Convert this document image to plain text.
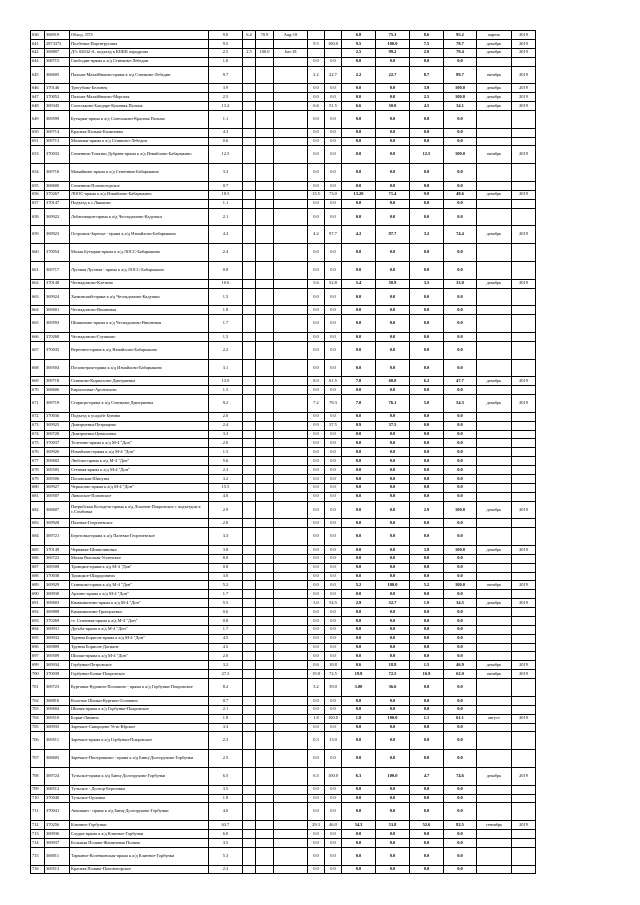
636	368919	Обход. ЛТЗ	9.0	6.4	70.9	Aug-18			6.8	75.3	8.6	95.2	апрель	2019
641	2873373	Полбенка-Паргитрупина	9.5				9.5	100.0	9.5	100.0	7.5	78.7	декабрь	2019
642	368807	Д?с 02632-А, подъезд к КШШ аэродрома	2.5	2.5	100.0	Jun-18			2.5	99.2	2.0	79.4	декабрь	2019
644	368715	Свободин-пряма к а/д Стинково-Лебедин	1.0				0.0	0.0	0.0	0.0	0.0	0.0		
645	368605	Пальма-Махайбиково-пряма к а/д Стинково-Лебедин	9.7				2.2	22.7	2.2	22.7	8.7	89.7	октябрь	2019
646	370146	Трегубово-Белинец	3.9				0.0	0.0	0.0	0.0	3.9	100.0	декабрь	2019
647	370052	Пальма-Махайбиково-Морская	2.5				0.0	0.0	0.0	0.0	2.5	100.0	декабрь	2019
648	369345	Сопельково-Бондаре-Кушевая Пальма	13.2				6.6	51.5	6.6	50.0	4.5	34.1	декабрь	2019
649	369599	Бутырки-пряма к а/д Сопельково-Красная Пальма	1.1				0.0	0.0	0.0	0.0	0.0	0.0		
650	369714	Красная Пальма-Калиновка	4.3				0.0	0.0	0.0	0.0	0.0	0.0		
651	369713	Малинки-пряма к а/д Стинково-Лебедин	0.6				0.0	0.0	0.0	0.0	0.0	0.0		
653	370033	Семенник-Топятки Дубрава-пряма к а/д Измайлово-Бабарыкино	12.5				0.0	0.0	0.0	0.0	12.5	100.0	октябрь	2019
654	369716	Мамайково-пряма к а/д Семенник-Бабарыкино	3.3				0.0	0.0	0.0	0.0	0.0	0.0		
655	368600	Семенник-Поповоторское	0.7				0.0	0.0	0.0	0.0	0.0	0.0		
656	370267	ЛООС-пряма к а/д Измайлово-Бабарыкино	18.5				13.5	73.0	13.20	71.4	9.0	48.6	декабрь	2019
657	370147	Подъезд к с.Ляшково	1.1				0.0	0.0	0.0	0.0	0.0	0.0		
658	369922	Лобановщин-пряма к а/д Чеснадомово-Кадушки	2.1				0.0	0.0	0.0	0.0	0.0	0.0		
659	369923	Острожок-Заречье - пряма к а/д Измайлово-Бабарыкино	4.3				4.2	97.7	4.2	97.7	3.2	74.4	декабрь	2019
660	370054	Малая Бутырки-пряма к а/д ЛОСС-Бабарыкино	2.4				0.0	0.0	0.0	0.0	0.0	0.0		
661	369717	Луговая Луговая - пряма к а/д ЛОСС-Бабарыкино	0.8				0.0	0.0	0.0	0.0	0.0	0.0		
662	370148	Чеснадомово-Клетино	10.6				5.6	52.8	5.4	50.9	3.5	33.0	декабрь	2019
663	369924	Химинский-пряма к а/д Чеснадомово-Кадушки	1.5				0.0	0.0	0.0	0.0	0.0	0.0		
664	369601	Чеснадомово-Вишневая	1.8				0.0	0.0	0.0	0.0	0.0	0.0		
665	369593	Шишиново-пряма к а/д Чеснадомово-Вишневая	1.7				0.0	0.0	0.0	0.0	0.0	0.0		
666	370268	Чеснадомово-Глушково	1.5				0.0	0.0	0.0	0.0	0.0	0.0		
667	370035	Веретино-пряма к а/д Измайлово-Бабарыкино	2.2				0.0	0.0	0.0	0.0	0.0	0.0		
668	369504	Поповотрия-пряма к а/д Измайлово-Бабарыкино	3.1				0.0	0.0	0.0	0.0	0.0	0.0		
669	369718	Стинково-Кириллово-Дмитриевка	13.0				8.0	61.5	7.8	60.0	6.2	47.7	декабрь	2019
670	368606	Кирилловка-Арсентьево	1.5				0.0	0.0	0.0	0.0	0.0	0.0		
671	369719	Старицы-пряма к а/д Стинково-Дмитриевка	9.2				7.2	78.3	7.0	76.1	5.0	54.3	декабрь	2019
672	370036	Подъезд к усадьбе Бунина	2.0				0.0	0.0	0.0	0.0	0.0	0.0		
673	369925	Дмитриевка-Петрищево	2.4				0.9	37.5	0.9	37.5	0.0	0.0		
674	369720	Дмитриевка-Цевашовка	3.3				0.0	0.0	0.0	0.0	0.0	0.0		
675	370037	Телегино-пряма к а/д М-4 "Дон"	2.0				0.0	0.0	0.0	0.0	0.0	0.0		
676	369926	Измайлово-пряма к а/д М-4 "Дон"	1.5				0.0	0.0	0.0	0.0	0.0	0.0		
677	369602	Любово-пряма к а/д М-4 "Дон"	5.6				0.0	0.0	0.0	0.0	0.0	0.0		
678	369505	Степная-пряма к а/д М-4 "Дон"	2.3				0.0	0.0	0.0	0.0	0.0	0.0		
679	369506	Поповская-Шипуны	3.2				0.0	0.0	0.0	0.0	0.0	0.0		
680	369927	Черкасово-пряма к а/д М-4 "Дон"	15.5				0.0	0.0	0.0	0.0	0.0	0.0		
681	369507	Лившское-Поповское	4.0				0.0	0.0	0.0	0.0	0.0	0.0		
682	368607	Патрибская Колодезь-пряма к а/д Лоханов-Покровское с подъездом к с.Сомбовка	2.9				0.0	0.0	0.0	0.0	2.9	100.0	декабрь	2019
683	369928	Палевка-Георгиевское	2.8				0.0	0.0	0.0	0.0	0.0	0.0		
684	369721	Березовка-пряма к а/д Палевка-Георгиевское	3.3				0.0	0.0	0.0	0.0	0.0	0.0		
685	370149	Чернявка-Шипилиновка	3.8				0.0	0.0	0.0	0.0	3.8	100.0	декабрь	2019
686	369722	Малая Высокая-Успенское	8.0				0.0	0.0	0.0	0.0	0.0	0.0		
687	369508	Троицкое-пряма к а/д М-4 "Дон"	0.8				0.0	0.0	0.0	0.0	0.0	0.0		
688	370038	Троицкое-Шидоровичи	3.0				0.0	0.0	0.0	0.0	0.0	0.0		
689	369929	Стинково-пряма к а/д М-4 "Дон"	5.2				0.0	0.0	5.2	100.0	5.2	100.0	октябрь	2019
690	369930	Архино-пряма к а/д М-4 "Дон"	1.7				0.0	0.0	0.0	0.0	0.0	0.0		
691	369603	Кимжавитино-пряма к а/д М-4 "Дон"	5.5				3.0	54.5	2.9	52.7	1.9	34.5	декабрь	2019
692	369808	Кимжавитино-Григорьевка	0.6				0.0	0.0	0.0	0.0	0.0	0.0		
693	370269	ст. Становая-пряма к а/д М-4 "Дон"	0.8				0.0	0.0	0.0	0.0	0.0	0.0		
694	369931	Дугьба-пряма к а/д М-4 "Дон"	1.7				0.0	0.0	0.0	0.0	0.0	0.0		
695	369932	Трунни Борисов-пряма к а/д М-4 "Дон"	4.5				0.0	0.0	0.0	0.0	0.0	0.0		
696	369809	Трунни Борисов-Дагмане	4.5				0.0	0.0	0.0	0.0	0.0	0.0		
697	369509	Шилки-пряма к а/д М-4 "Дон"	2.0				0.0	0.0	0.0	0.0	0.0	0.0		
699	369934	Горбунки-Петровское	3.2				0.6	18.8	0.6	18.8	1.5	46.9	декабрь	2019
700	370039	Горбунки-Бочки-Покровское	27.3				19.8	72.5	19.8	72.5	16.9	62.0	октябрь	2019
701	369723	Куртанка-Курпино-Половино - пряма к а/д Горбунки-Покровское	8.2				3.2	39.0	3.00	36.6	0.0	0.0		
702	368810	Колотые Шилки-Куртино-Головино	0.7				0.0	0.0	0.0	0.0	0.0	0.0		
703	369604	Шилия-пряма к а/д Горбунки-Покровское	2.1				0.0	0.0	0.0	0.0	0.0	0.0		
704	369510	Борки-Лимина	1.8				1.8	100.0	1.8	100.0	1.1	61.1	август	2019
705	369935	Заречкое-Скворцово-Усть-Юрское	3.3				0.0	0.0	0.0	0.0	0.0	0.0		
706	369511	Заречкое-пряма к а/д Горбунки-Покровское	2.3				0.3	13.0	0.0	0.0	0.0	0.0		
707	368605	Заречкое-Пиотровково - пряма к а/д Бинц-Долгоруково-Горбунки	2.5				0.0	0.0	0.0	0.0	0.0	0.0		
708	369724	Тульское-пряма к а/д Бинц-Долгоруково-Горбунки	6.5				6.5	100.0	6.3	100.0	4.7	74.6	декабрь	2019
709	368512	Тульское - Долгор-Березовка	3.5				0.0	0.0	0.0	0.0	0.0	0.0		
710	370040	Тульское-Орловка	1.8				0.0	0.0	0.0	0.0	0.0	0.0		
711	370041	Анашкин - пряма к а/д Бинц-Долгоруково-Горбунки	4.0				0.0	0.0	0.0	0.0	0.0	0.0		
712	370256	Клинное-Горбунки	63.7				29.3	46.0	34.3	53.8	52.6	82.5	сентябрь	2019
713	369936	Слудка-пряма к а/д Клинное-Горбунки	6.0				0.0	0.0	0.0	0.0	0.0	0.0		
714	369937	Большая Поляна-Жилиновая Поляна	3.5				0.0	0.0	0.0	0.0	0.0	0.0		
715	368811	Тарпанье-Коленковская-пряма к а/д Клинное-Горбунки	5.3				0.0	0.0	0.0	0.0	0.0	0.0		
716	369513	Красная Поляна-Поповоторское	2.3				0.0	0.0	0.0	0.0	0.0	0.0		
